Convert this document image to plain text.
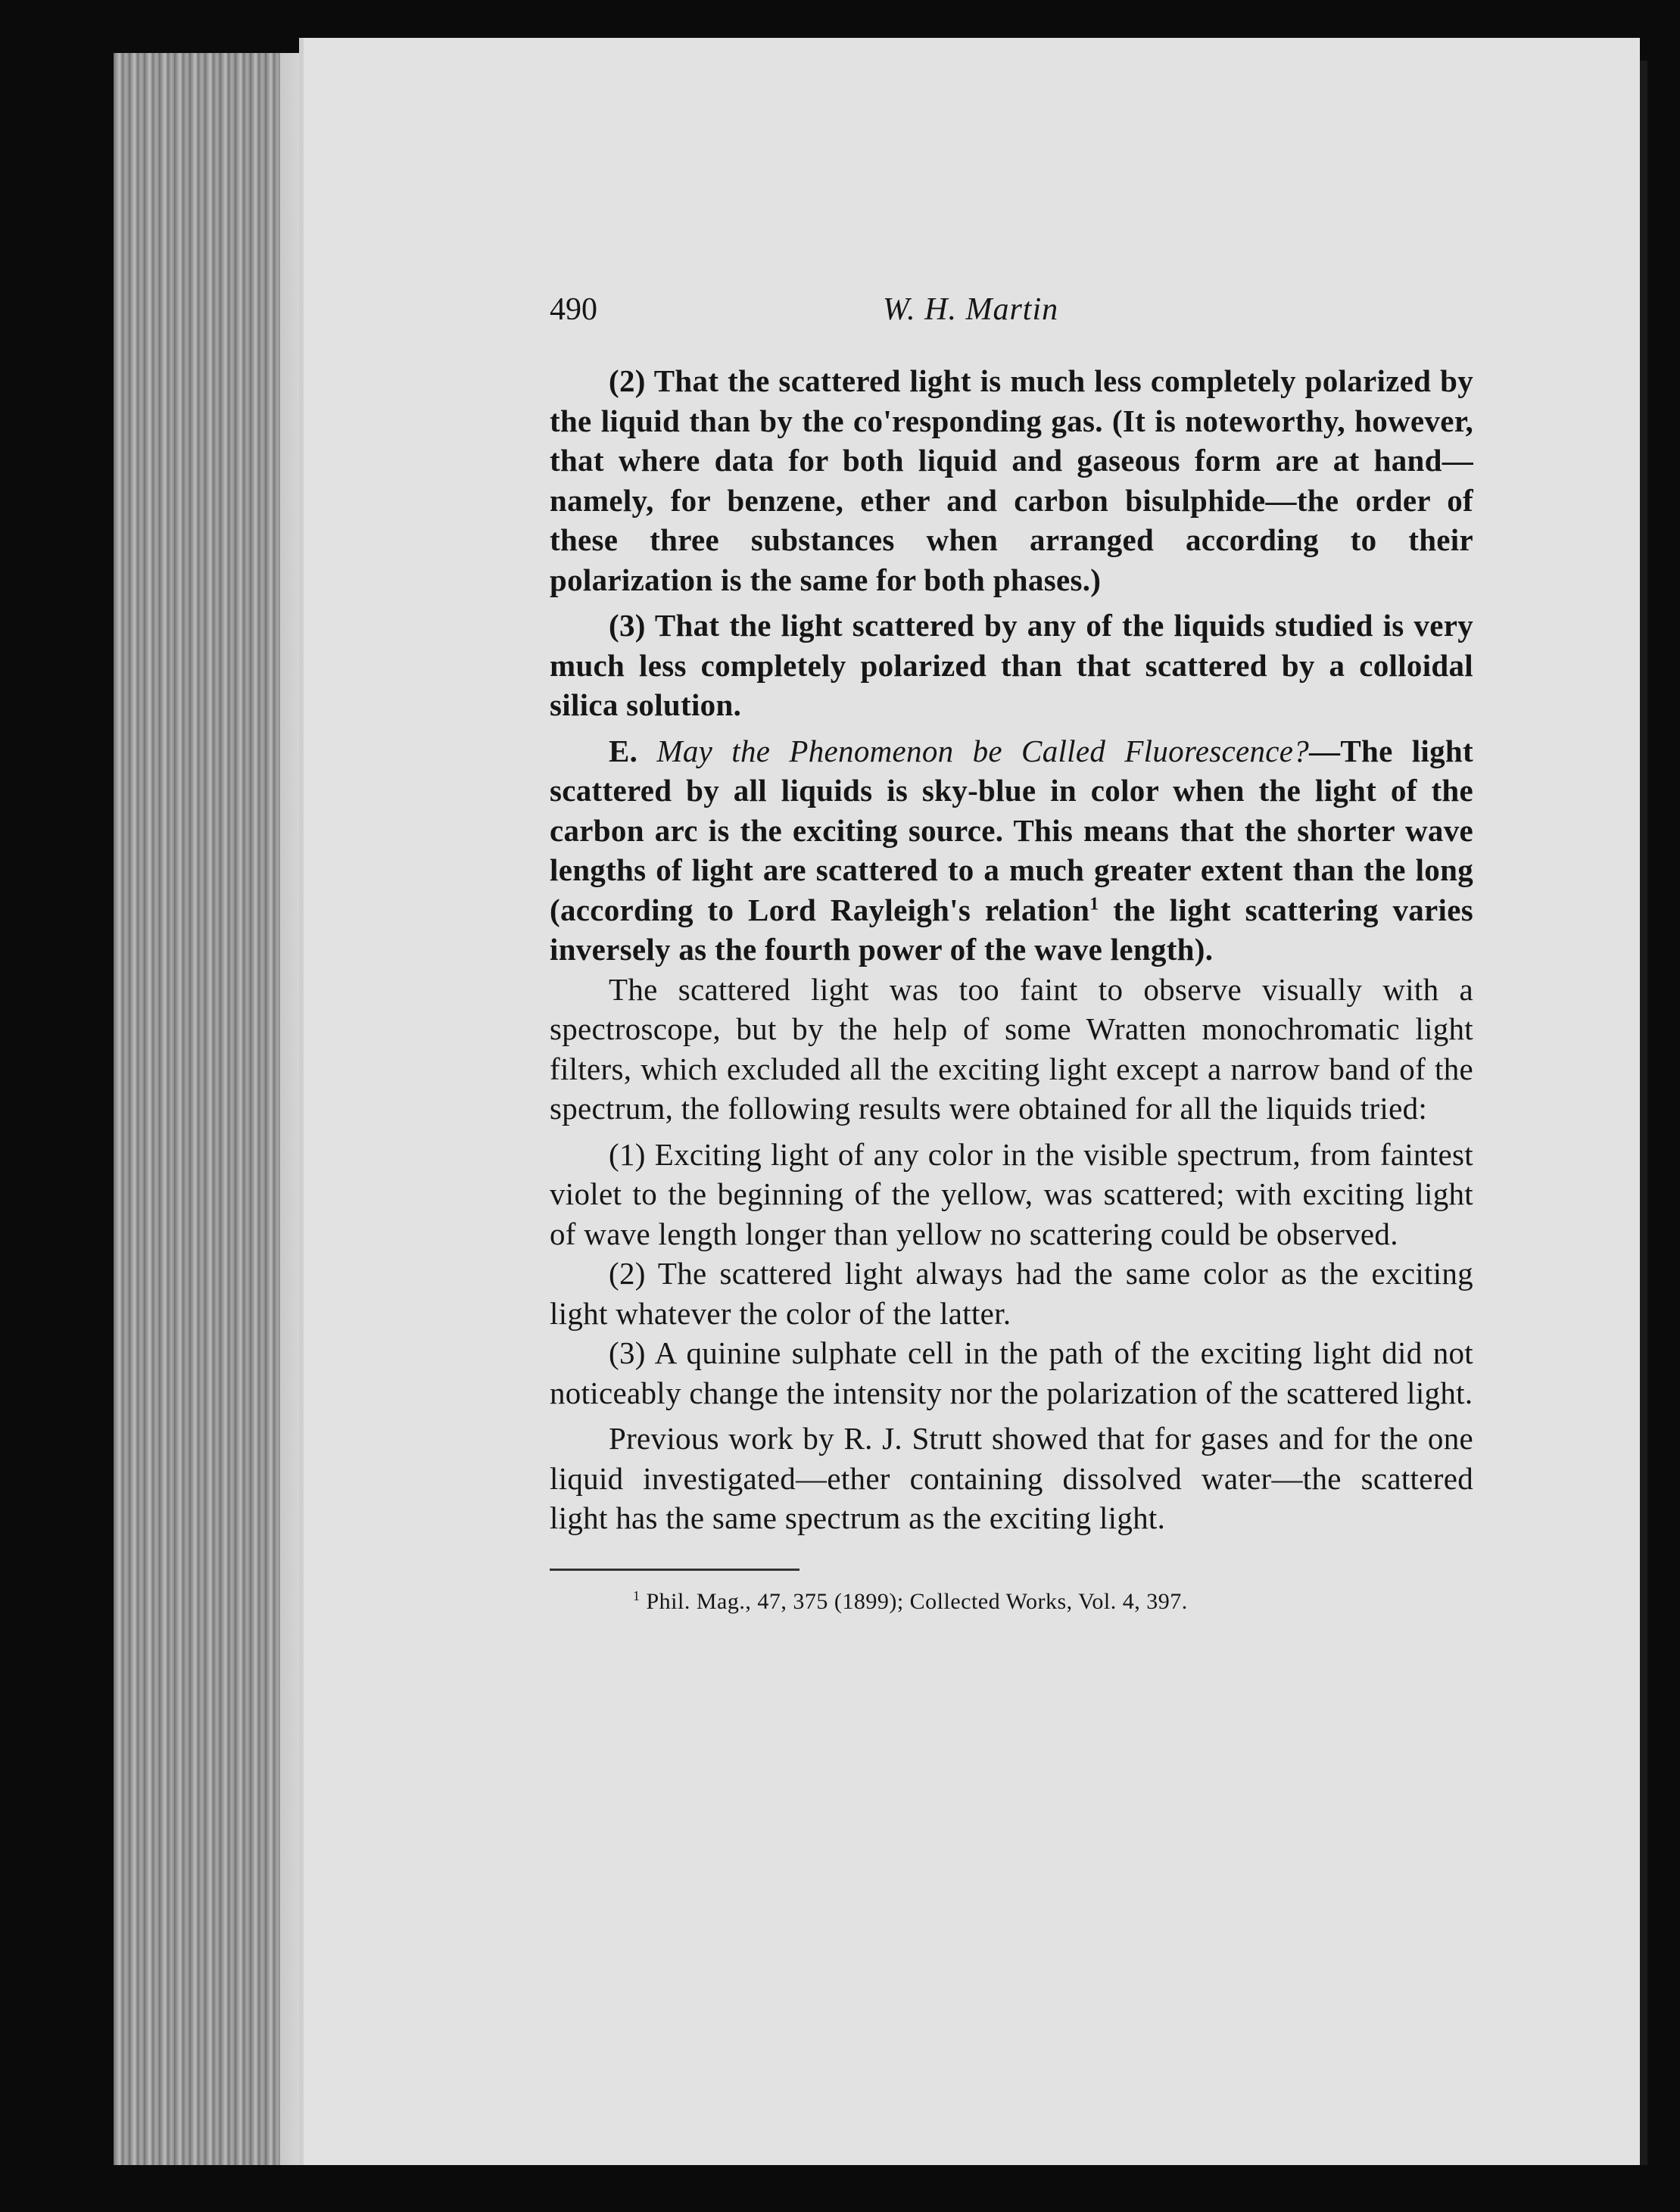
490	W. H. Martin

(2) That the scattered light is much less completely polarized by the liquid than by the co'responding gas. (It is noteworthy, however, that where data for both liquid and gaseous form are at hand—namely, for benzene, ether and carbon bisulphide—the order of these three substances when arranged according to their polarization is the same for both phases.)

(3) That the light scattered by any of the liquids studied is very much less completely polarized than that scattered by a colloidal silica solution.

E. May the Phenomenon be Called Fluorescence?—The light scattered by all liquids is sky-blue in color when the light of the carbon arc is the exciting source. This means that the shorter wave lengths of light are scattered to a much greater extent than the long (according to Lord Rayleigh's relation$^1$ the light scattering varies inversely as the fourth power of the wave length).

The scattered light was too faint to observe visually with a spectroscope, but by the help of some Wratten monochromatic light filters, which excluded all the exciting light except a narrow band of the spectrum, the following results were obtained for all the liquids tried:

(1) Exciting light of any color in the visible spectrum, from faintest violet to the beginning of the yellow, was scattered; with exciting light of wave length longer than yellow no scattering could be observed.

(2) The scattered light always had the same color as the exciting light whatever the color of the latter.

(3) A quinine sulphate cell in the path of the exciting light did not noticeably change the intensity nor the polarization of the scattered light.

Previous work by R. J. Strutt showed that for gases and for the one liquid investigated—ether containing dissolved water—the scattered light has the same spectrum as the exciting light.

$^1$ Phil. Mag., 47, 375 (1899); Collected Works, Vol. 4, 397.
